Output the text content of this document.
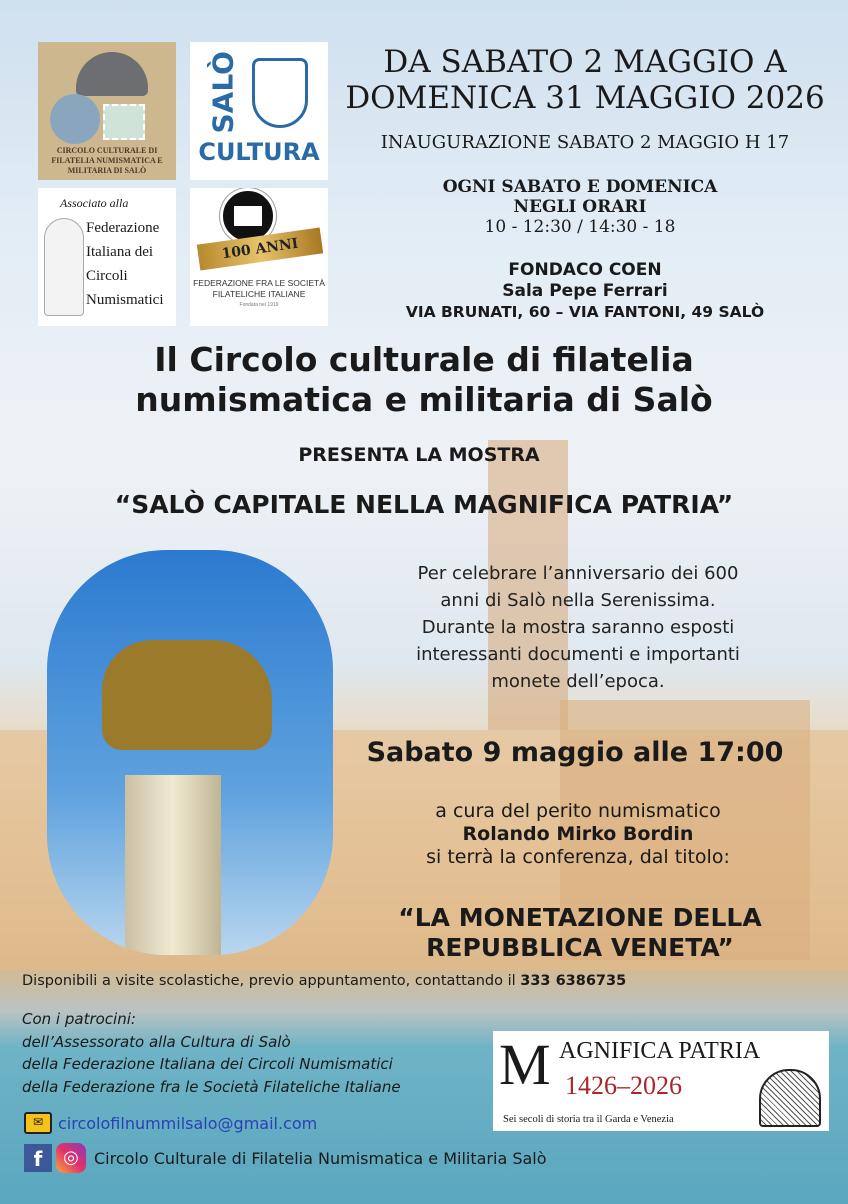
CIRCOLO CULTURALE DI FILATELIA NUMISMATICA E MILITARIA DI SALÒ
SALÒ
CULTURA
Associato alla
Federazione Italiana dei Circoli Numismatici
100 ANNI
FEDERAZIONE FRA LE SOCIETÀ FILATELICHE ITALIANE
Fondata nel 1919
DA SABATO 2 MAGGIO A
DOMENICA 31 MAGGIO 2026
INAUGURAZIONE SABATO 2 MAGGIO H 17
OGNI SABATO E DOMENICA
NEGLI ORARI
10 - 12:30 / 14:30 - 18
FONDACO COEN
Sala Pepe Ferrari
VIA BRUNATI, 60 – VIA FANTONI, 49 SALÒ
Il Circolo culturale di filatelia
numismatica e militaria di Salò
PRESENTA LA MOSTRA
“SALÒ CAPITALE NELLA MAGNIFICA PATRIA”
Per celebrare l’anniversario dei 600
anni di Salò nella Serenissima.
Durante la mostra saranno esposti
interessanti documenti e importanti
monete dell’epoca.
Sabato 9 maggio alle 17:00
a cura del perito numismatico
Rolando Mirko Bordin
si terrà la conferenza, dal titolo:
“LA MONETAZIONE DELLA
REPUBBLICA VENETA”
Disponibili a visite scolastiche, previo appuntamento, contattando il 333 6386735
Con i patrocini:
dell’Assessorato alla Cultura di Salò
della Federazione Italiana dei Circoli Numismatici
della Federazione fra le Società Filateliche Italiane
✉ circolofilnummilsalo@gmail.com
f	◎ Circolo Culturale di Filatelia Numismatica e Militaria Salò
M AGNIFICA PATRIA
1426–2026
Sei secoli di storia tra il Garda e Venezia
